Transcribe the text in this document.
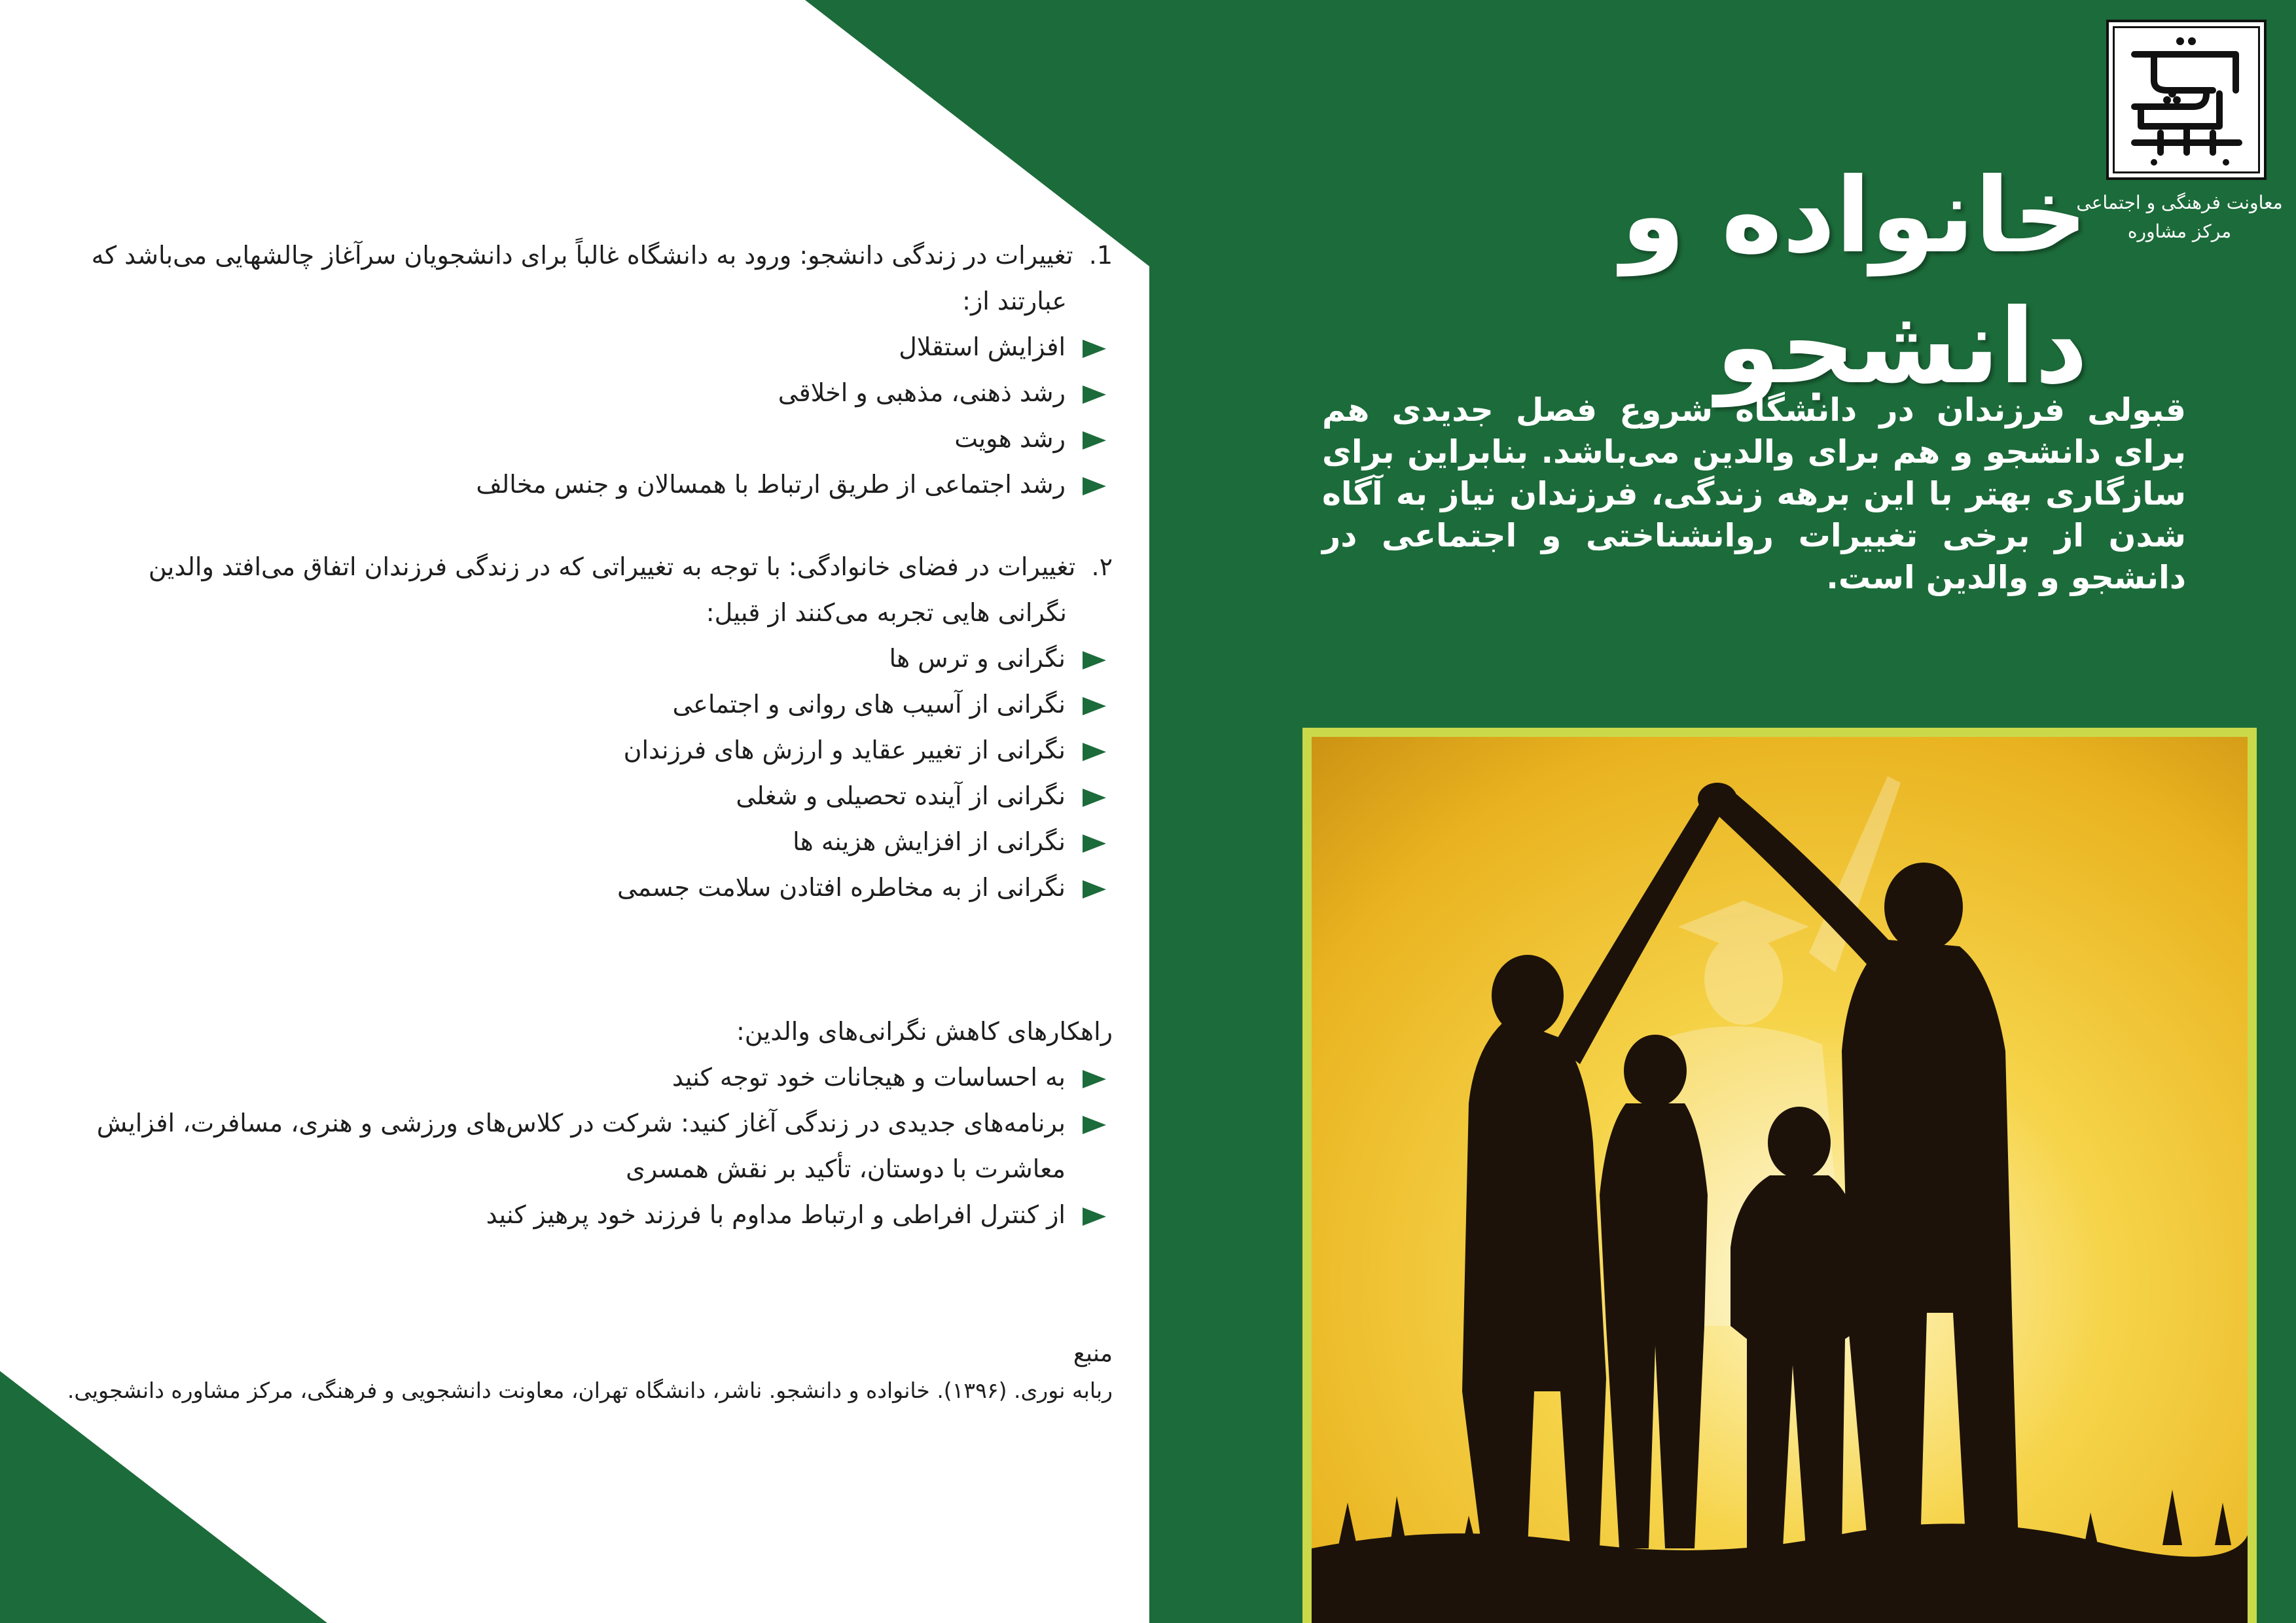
1.  تغییرات در زندگی دانشجو: ورود به دانشگاه غالباً برای دانشجویان سرآغاز چالشهایی می‌باشد که
عبارتند از:
افزایش استقلال
رشد ذهنی، مذهبی و اخلاقی
رشد هویت
رشد اجتماعی از طریق ارتباط با همسالان و جنس مخالف
۲.  تغییرات در فضای خانوادگی: با توجه به تغییراتی که در زندگی فرزندان اتفاق می‌افتد والدین
نگرانی هایی تجربه می‌کنند از قبیل:
نگرانی و ترس ها
نگرانی از آسیب های روانی و اجتماعی
نگرانی از تغییر عقاید و ارزش های فرزندان
نگرانی از آینده تحصیلی و شغلی
نگرانی از افزایش هزینه ها
نگرانی از به مخاطره افتادن سلامت جسمی
راهکارهای کاهش نگرانی‌های والدین:
به احساسات و هیجانات خود توجه کنید
برنامه‌های جدیدی در زندگی آغاز کنید: شرکت در کلاس‌های ورزشی و هنری، مسافرت، افزایش معاشرت با دوستان، تأکید بر نقش همسری
از کنترل افراطی و ارتباط مداوم با فرزند خود پرهیز کنید
منبع

ربابه نوری. (۱۳۹۶). خانواده و دانشجو. ناشر، دانشگاه تهران، معاونت دانشجویی و فرهنگی، مرکز مشاوره دانشجویی.

معاونت فرهنگی و اجتماعی
مرکز مشاوره
خانواده و دانشجو

قبولی فرزندان در دانشگاه شروع فصل جدیدی هم برای دانشجو و هم برای والدین می‌باشد. بنابراین برای سازگاری بهتر با این برهه زندگی، فرزندان نیاز به آگاه شدن از برخی تغییرات روانشناختی و اجتماعی در دانشجو و والدین است.
